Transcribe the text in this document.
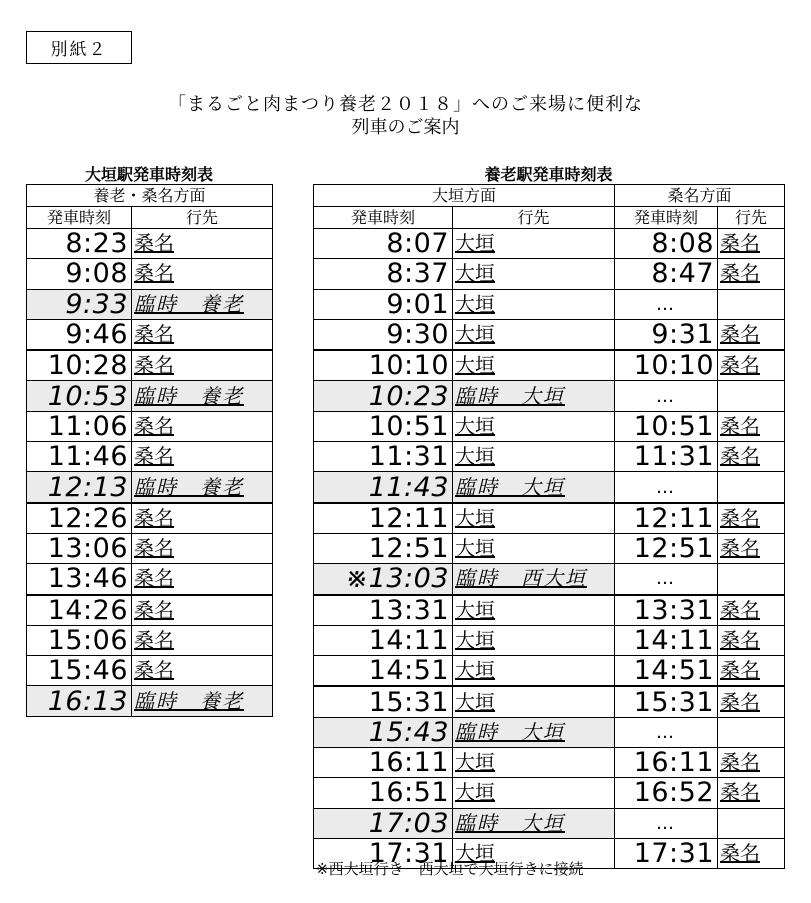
別紙２
「まるごと肉まつり養老２０１８」へのご来場に便利な
列車のご案内
大垣駅発車時刻表	養老駅発車時刻表
養老・桑名方面	
発車時刻	行先
8:23	桑名
9:08	桑名
9:33	臨時　養老
9:46	桑名
10:28	桑名
10:53	臨時　養老
11:06	桑名
11:46	桑名
12:13	臨時　養老
12:26	桑名
13:06	桑名
13:46	桑名
14:26	桑名
15:06	桑名
15:46	桑名
16:13	臨時　養老
大垣方面		桑名方面	
発車時刻	行先	発車時刻	行先
8:07	大垣	8:08	桑名
8:37	大垣	8:47	桑名
9:01	大垣	…	
9:30	大垣	9:31	桑名
10:10	大垣	10:10	桑名
10:23	臨時　大垣	…	
10:51	大垣	10:51	桑名
11:31	大垣	11:31	桑名
11:43	臨時　大垣	…	
12:11	大垣	12:11	桑名
12:51	大垣	12:51	桑名
※13:03	臨時　西大垣	…	
13:31	大垣	13:31	桑名
14:11	大垣	14:11	桑名
14:51	大垣	14:51	桑名
15:31	大垣	15:31	桑名
15:43	臨時　大垣	…	
16:11	大垣	16:11	桑名
16:51	大垣	16:52	桑名
17:03	臨時　大垣	…	
17:31	大垣	17:31	桑名
※西大垣行き　西大垣で大垣行きに接続
